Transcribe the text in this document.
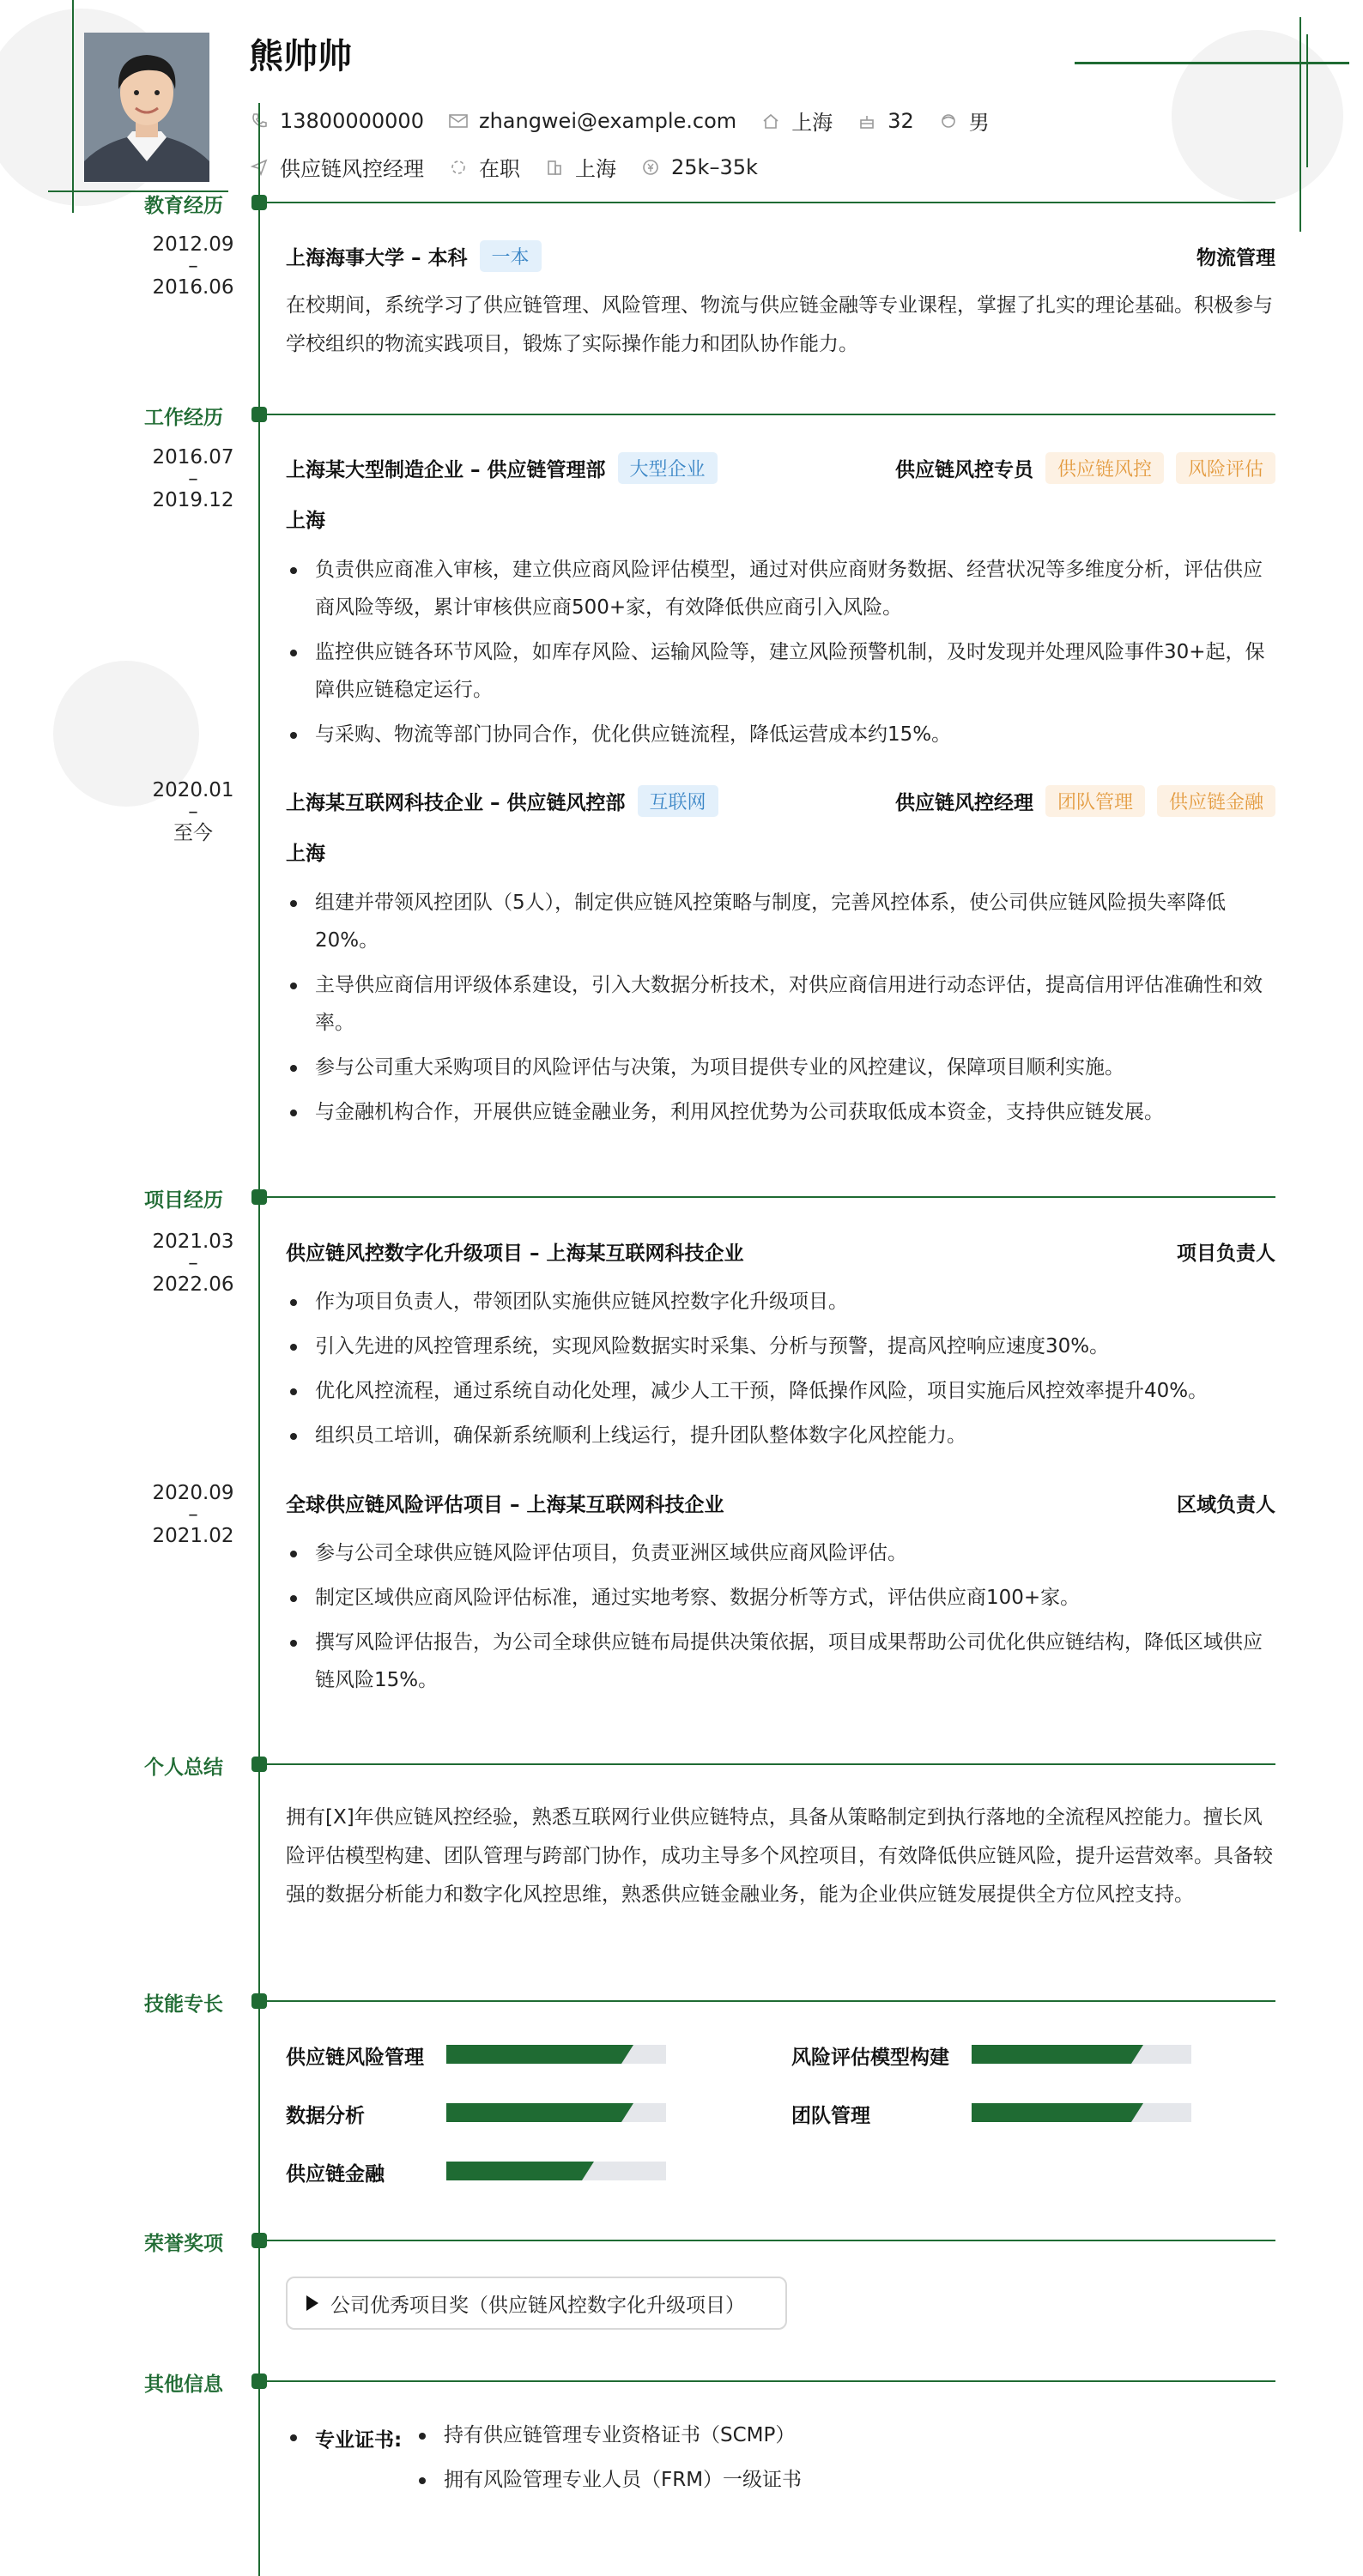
熊帅帅
13800000000	zhangwei@example.com	上海	32	男
供应链风控经理	在职	上海	25k–35k
教育经历
2012.09
–
2016.06
上海海事大学 – 本科	一本	物流管理
在校期间，系统学习了供应链管理、风险管理、物流与供应链金融等专业课程，掌握了扎实的理论基础。积极参与学校组织的物流实践项目，锻炼了实际操作能力和团队协作能力。
工作经历
2016.07
–
2019.12
上海某大型制造企业 – 供应链管理部	大型企业	供应链风控专员	供应链风控	风险评估
上海
负责供应商准入审核，建立供应商风险评估模型，通过对供应商财务数据、经营状况等多维度分析，评估供应商风险等级，累计审核供应商500+家，有效降低供应商引入风险。
监控供应链各环节风险，如库存风险、运输风险等，建立风险预警机制，及时发现并处理风险事件30+起，保障供应链稳定运行。
与采购、物流等部门协同合作，优化供应链流程，降低运营成本约15%。
2020.01
–
至今
上海某互联网科技企业 – 供应链风控部	互联网	供应链风控经理	团队管理	供应链金融
上海
组建并带领风控团队（5人），制定供应链风控策略与制度，完善风控体系，使公司供应链风险损失率降低20%。
主导供应商信用评级体系建设，引入大数据分析技术，对供应商信用进行动态评估，提高信用评估准确性和效率。
参与公司重大采购项目的风险评估与决策，为项目提供专业的风控建议，保障项目顺利实施。
与金融机构合作，开展供应链金融业务，利用风控优势为公司获取低成本资金，支持供应链发展。
项目经历
2021.03
–
2022.06
供应链风控数字化升级项目 – 上海某互联网科技企业	项目负责人
作为项目负责人，带领团队实施供应链风控数字化升级项目。
引入先进的风控管理系统，实现风险数据实时采集、分析与预警，提高风控响应速度30%。
优化风控流程，通过系统自动化处理，减少人工干预，降低操作风险，项目实施后风控效率提升40%。
组织员工培训，确保新系统顺利上线运行，提升团队整体数字化风控能力。
2020.09
–
2021.02
全球供应链风险评估项目 – 上海某互联网科技企业	区域负责人
参与公司全球供应链风险评估项目，负责亚洲区域供应商风险评估。
制定区域供应商风险评估标准，通过实地考察、数据分析等方式，评估供应商100+家。
撰写风险评估报告，为公司全球供应链布局提供决策依据，项目成果帮助公司优化供应链结构，降低区域供应链风险15%。
个人总结
拥有[X]年供应链风控经验，熟悉互联网行业供应链特点，具备从策略制定到执行落地的全流程风控能力。擅长风险评估模型构建、团队管理与跨部门协作，成功主导多个风控项目，有效降低供应链风险，提升运营效率。具备较强的数据分析能力和数字化风控思维，熟悉供应链金融业务，能为企业供应链发展提供全方位风控支持。
技能专长
供应链风险管理	风险评估模型构建
数据分析	团队管理
供应链金融
荣誉奖项
公司优秀项目奖（供应链风控数字化升级项目）
其他信息
专业证书:	持有供应链管理专业资格证书（SCMP）
拥有风险管理专业人员（FRM）一级证书
